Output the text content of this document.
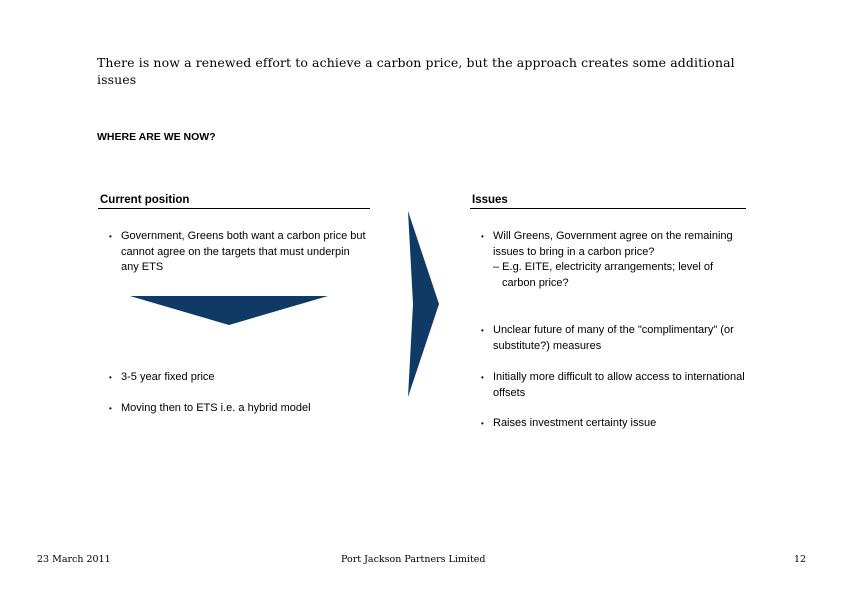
There is now a renewed effort to achieve a carbon price, but the approach creates some additional issues
WHERE ARE WE NOW?
Current position	Issues
• Government, Greens both want a carbon price but cannot agree on the targets that must underpin any ETS
• 3-5 year fixed price
• Moving then to ETS i.e. a hybrid model
• Will Greens, Government agree on the remaining issues to bring in a carbon price?
– E.g. EITE, electricity arrangements; level of carbon price?
• Unclear future of many of the "complimentary" (or substitute?) measures
• Initially more difficult to allow access to international offsets
• Raises investment certainty issue
23 March 2011	Port Jackson Partners Limited	12
